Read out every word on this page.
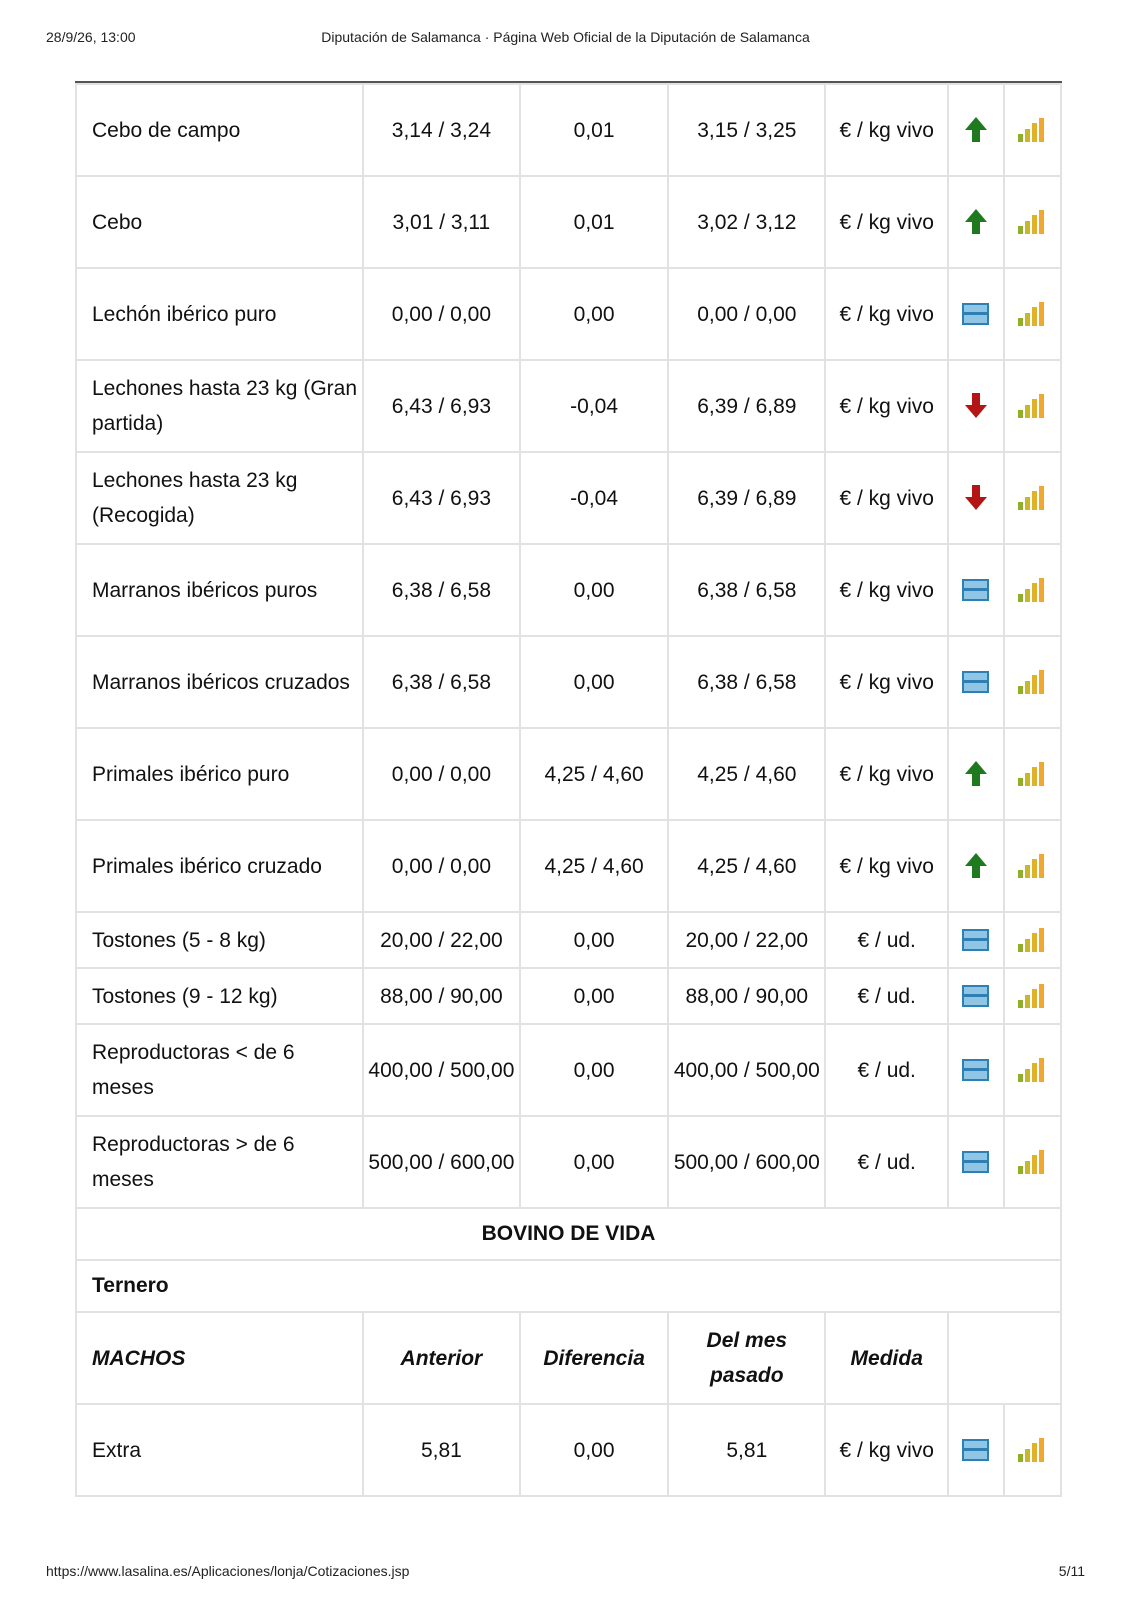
28/9/26, 13:00	Diputación de Salamanca · Página Web Oficial de la Diputación de Salamanca
Cebo de campo	3,14 / 3,24	0,01	3,15 / 3,25	€ / kg vivo	

Cebo	3,01 / 3,11	0,01	3,02 / 3,12	€ / kg vivo	

Lechón ibérico puro	0,00 / 0,00	0,00	0,00 / 0,00	€ / kg vivo		

Lechones hasta 23 kg (Gran partida)	6,43 / 6,93	-0,04	6,39 / 6,89	€ / kg vivo	

Lechones hasta 23 kg (Recogida)	6,43 / 6,93	-0,04	6,39 / 6,89	€ / kg vivo	

Marranos ibéricos puros	6,38 / 6,58	0,00	6,38 / 6,58	€ / kg vivo		

Marranos ibéricos cruzados	6,38 / 6,58	0,00	6,38 / 6,58	€ / kg vivo		

Primales ibérico puro	0,00 / 0,00	4,25 / 4,60	4,25 / 4,60	€ / kg vivo	

Primales ibérico cruzado	0,00 / 0,00	4,25 / 4,60	4,25 / 4,60	€ / kg vivo	

Tostones (5 - 8 kg)	20,00 / 22,00	0,00	20,00 / 22,00	€ / ud.		

Tostones (9 - 12 kg)	88,00 / 90,00	0,00	88,00 / 90,00	€ / ud.		

Reproductoras < de 6 meses	400,00 / 500,00	0,00	400,00 / 500,00	€ / ud.		

Reproductoras > de 6 meses	500,00 / 600,00	0,00	500,00 / 600,00	€ / ud.		

BOVINO DE VIDA						
Ternero						
MACHOS	Anterior	Diferencia	Del mes pasado	Medida		
Extra	5,81	0,00	5,81	€ / kg vivo		
https://www.lasalina.es/Aplicaciones/lonja/Cotizaciones.jsp	5/11
